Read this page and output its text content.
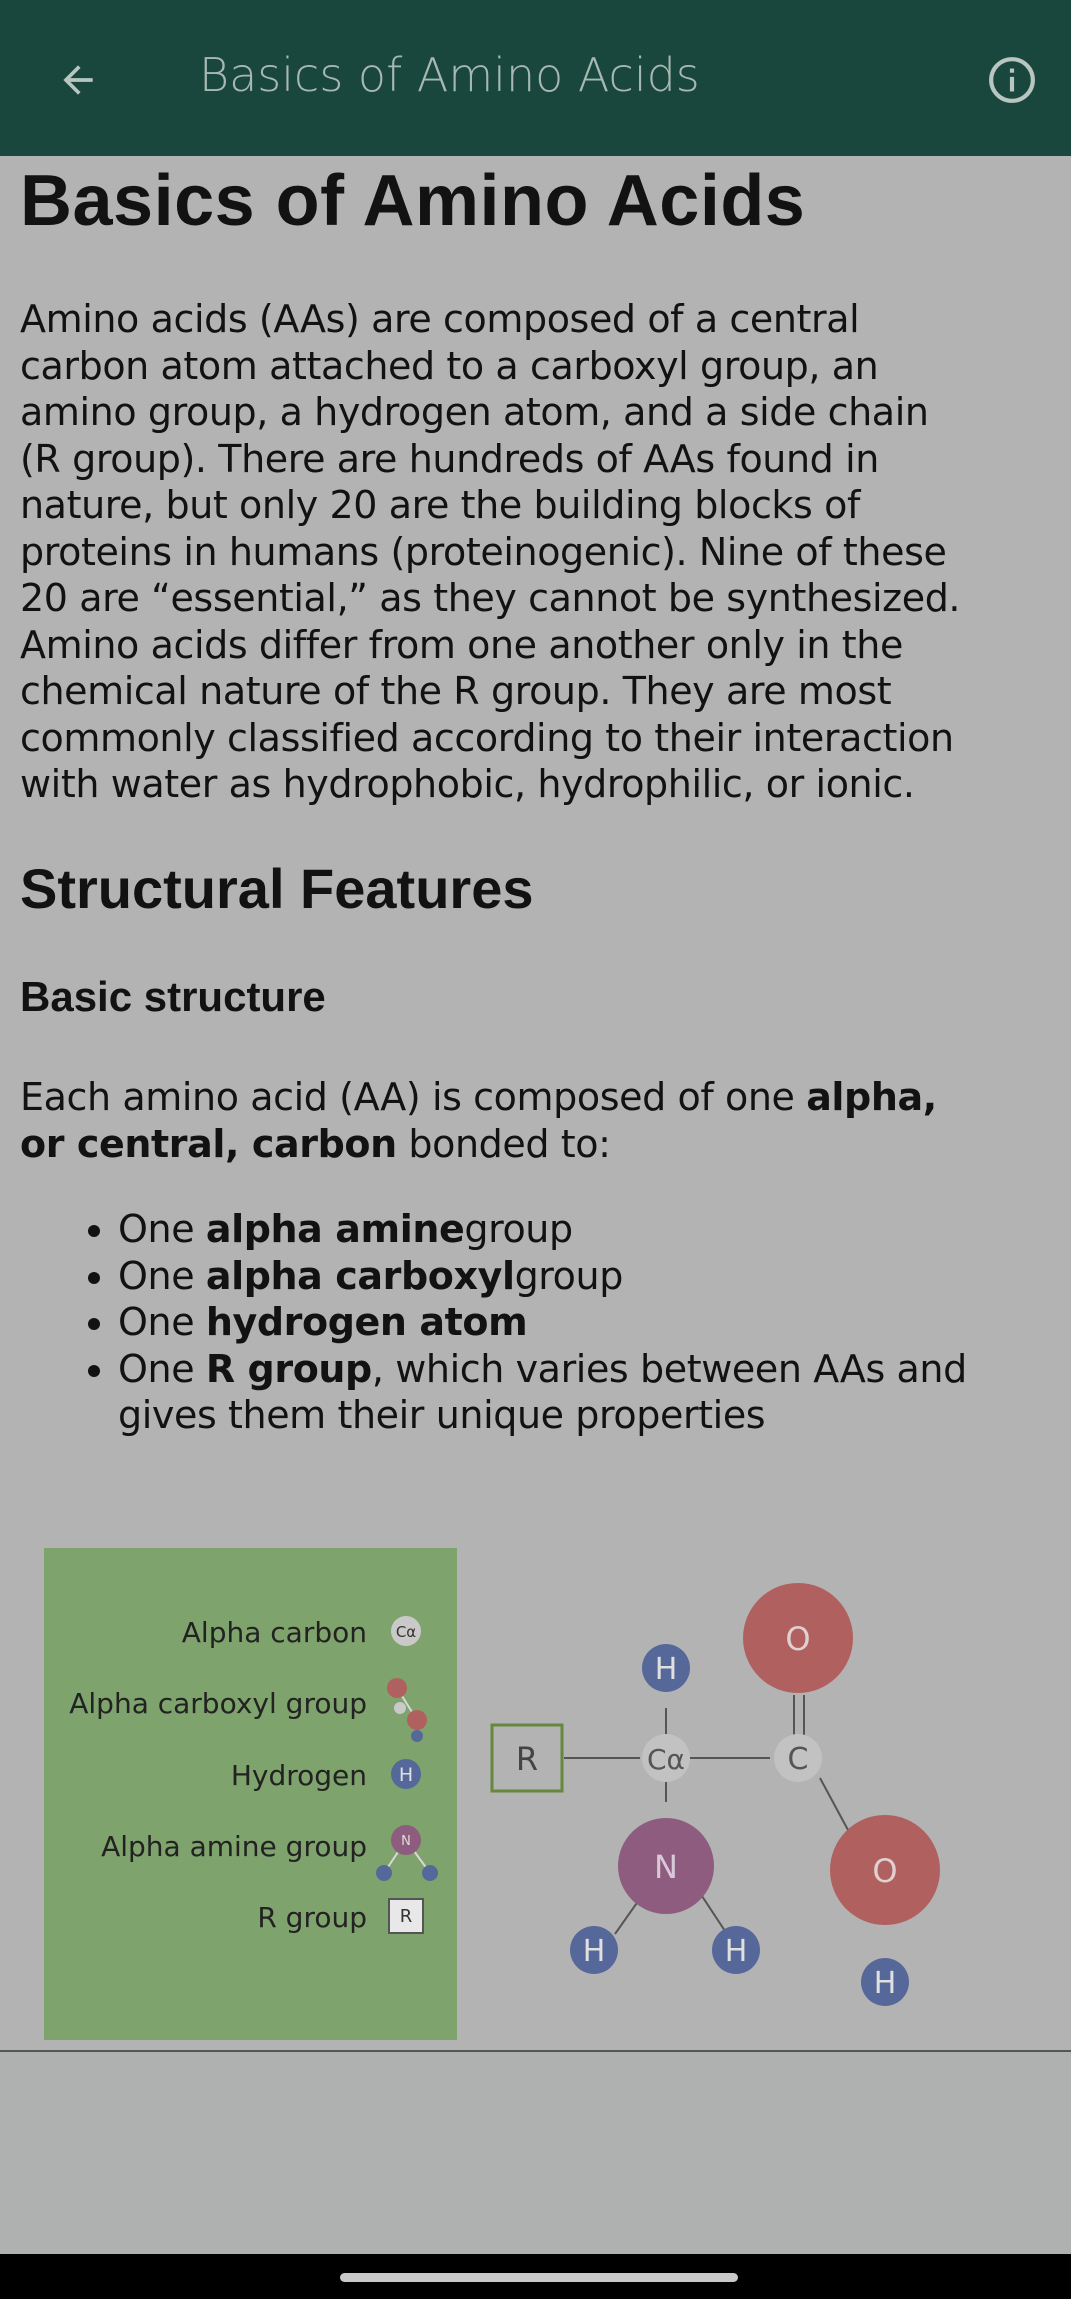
Basics of Amino Acids
Basics of Amino Acids
Amino acids (AAs) are composed of a central carbon atom attached to a carboxyl group, an amino group, a hydrogen atom, and a side chain (R group). There are hundreds of AAs found in nature, but only 20 are the building blocks of proteins in humans (proteinogenic). Nine of these 20 are “essential,” as they cannot be synthesized. Amino acids differ from one another only in the chemical nature of the R group. They are most commonly classified according to their interaction with water as hydrophobic, hydrophilic, or ionic.
Structural Features
Basic structure
Each amino acid (AA) is composed of one alpha, or central, carbon bonded to:
• One alpha aminegroup
• One alpha carboxylgroup
• One hydrogen atom
• One R group, which varies between AAs and gives them their unique properties
Alpha carbon
Alpha carboxyl group
Hydrogen
Alpha amine group
R group
Cα
H
N
R
R	Cα	C
H
O
O
H
N
H	H
